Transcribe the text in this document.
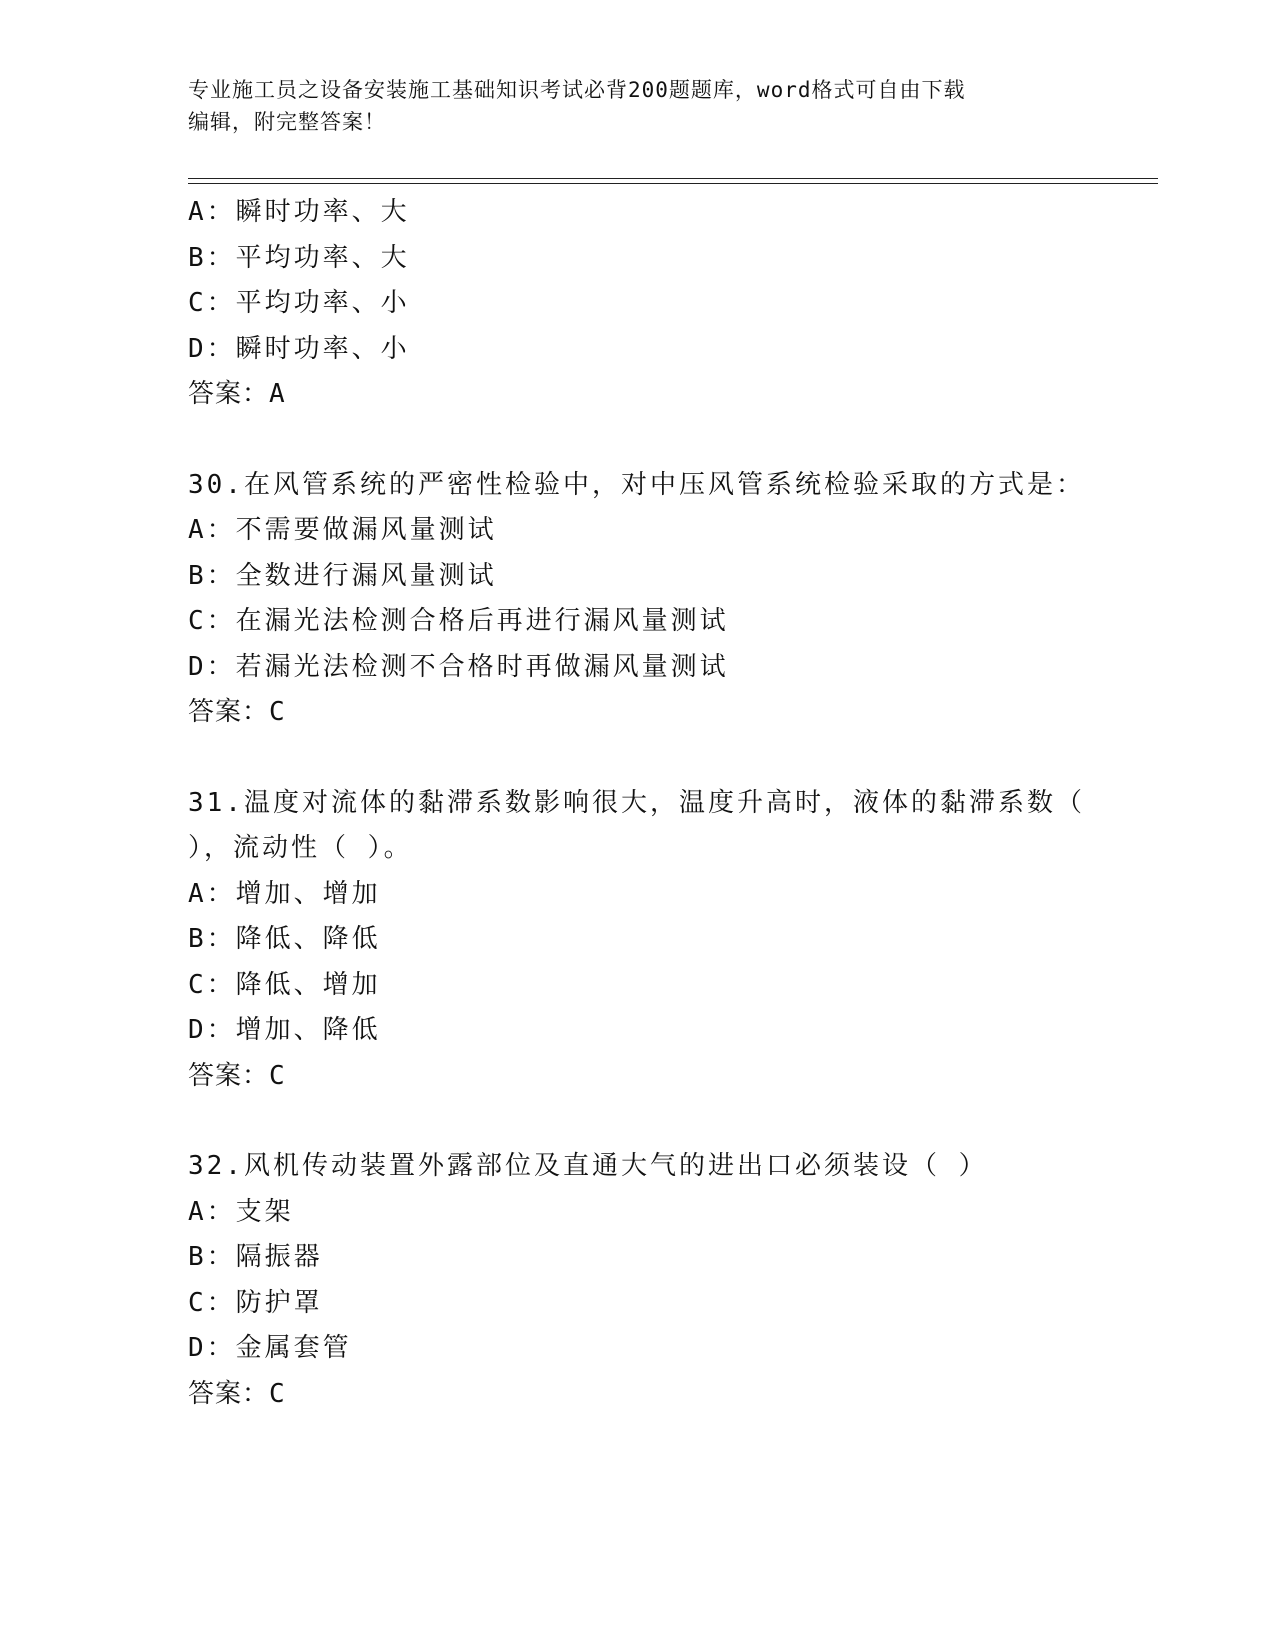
专业施工员之设备安装施工基础知识考试必背200题题库，word格式可自由下载
编辑，附完整答案！
A：瞬时功率、大
B：平均功率、大
C：平均功率、小
D：瞬时功率、小
答案：A
30.在风管系统的严密性检验中，对中压风管系统检验采取的方式是：
A：不需要做漏风量测试
B：全数进行漏风量测试
C：在漏光法检测合格后再进行漏风量测试
D：若漏光法检测不合格时再做漏风量测试
答案：C
31.温度对流体的黏滞系数影响很大，温度升高时，液体的黏滞系数（
），流动性（ ）。
A：增加、增加
B：降低、降低
C：降低、增加
D：增加、降低
答案：C
32.风机传动装置外露部位及直通大气的进出口必须装设（ ）
A：支架
B：隔振器
C：防护罩
D：金属套管
答案：C
